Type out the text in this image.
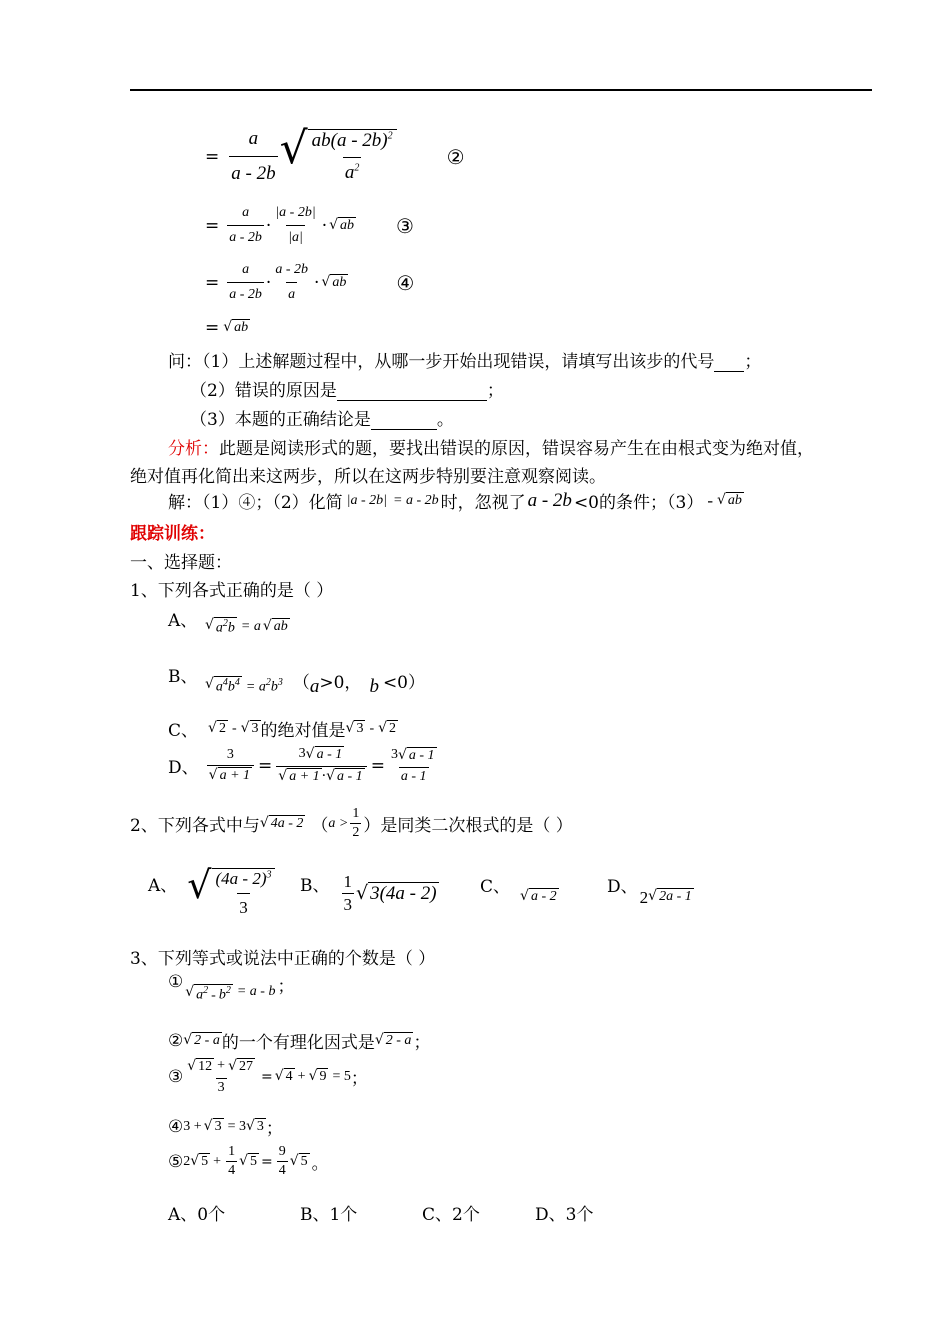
= $\frac{a}{a - 2b}$ √ $\frac{ab(a - 2b)^2}{a^2}$	②
= $\frac{a}{a - 2b} \cdot \frac{|a - 2b|}{|a|}$ · √ ab ③
= $\frac{a}{a - 2b} \cdot \frac{a - 2b}{a}$ · √ ab	④
= √ ab
问：（1）上述解题过程中，从哪一步开始出现错误，请填写出该步的代号 ；
（2）错误的原因是	；
（3）本题的正确结论是	。
分析：此题是阅读形式的题，要找出错误的原因，错误容易产生在由根式变为绝对值，
绝对值再化简出来这两步，所以在这两步特别要注意观察阅读。
解：（1）④；（2）化简 |a - 2b| = a - 2b 时，忽视了 a - 2b <0的条件；（3） - √ ab
跟踪训练：
一、选择题：
1、下列各式正确的是（ ）
A、 √ $a^2b = a$ √ ab
B、 √ $a^4b^4 = a^2b^3$ （ a >0， b <0）
C、 √ 2 - √ 3 的绝对值是 √ 3 - √ 2
D、 $\frac{3}{√ a + 1} = \frac{3 √ a - 1}{√ a + 1 \cdot √ a - 1} = \frac{3 √ a - 1}{a - 1}$
2、下列各式中与 √ 4a - 2 （ $a > \frac{1}{2}$ ）是同类二次根式的是（ ）
A、 √ $\frac{(4a - 2)^3}{3}$ B、 $\frac{1}{3}$ √ 3(4a - 2)	C、 √ a - 2	D、
2 √ 2a - 1
3、下列等式或说法中正确的个数是（ ）
① √ $a^2 - b^2 = a - b$ ；
② √ 2 - a 的一个有理化因式是 √ 2 - a ；
③ $\frac{√ 12 + √ 27}{3}$ = √ 4 + √ 9 = 5 ；
④ 3 + √ 3 = 3 √ 3 ；
⑤ 2 √ $5 + \frac{1}{4}$ √ $5 = \frac{9}{4}$ √ 5 。
A、0个	B、1个	C、2个	D、3个
